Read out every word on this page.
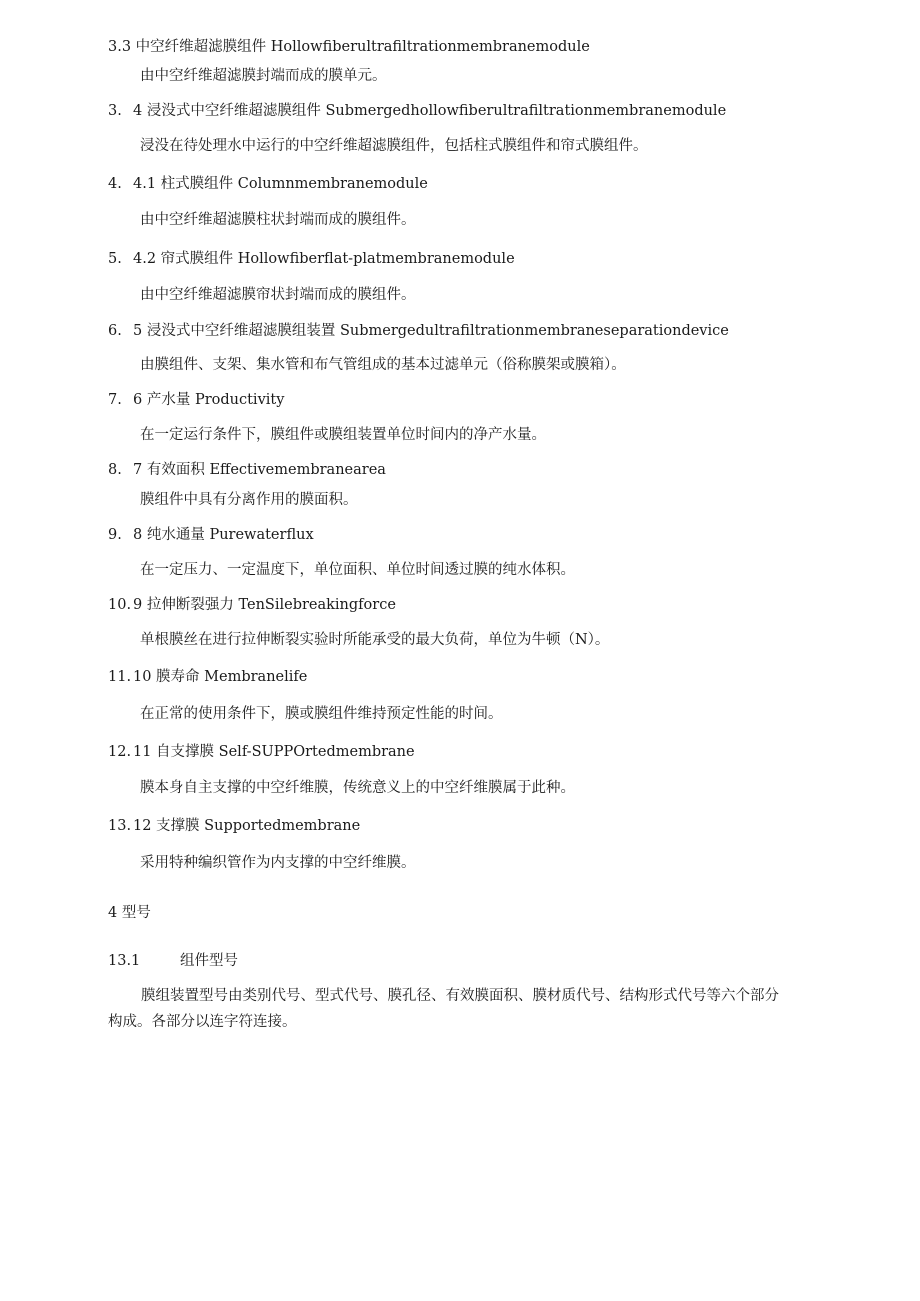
3.3 中空纤维超滤膜组件 Hollowfiberultrafiltrationmembranemodule
由中空纤维超滤膜封端而成的膜单元。
3. 4 浸没式中空纤维超滤膜组件 Submergedhollowfiberultrafiltrationmembranemodule
浸没在待处理水中运行的中空纤维超滤膜组件，包括柱式膜组件和帘式膜组件。
4. 4.1 柱式膜组件 Columnmembranemodule
由中空纤维超滤膜柱状封端而成的膜组件。
5. 4.2 帘式膜组件 Hollowfiberflat-platmembranemodule
由中空纤维超滤膜帘状封端而成的膜组件。
6. 5 浸没式中空纤维超滤膜组装置 Submergedultrafiltrationmembraneseparationdevice
由膜组件、支架、集水管和布气管组成的基本过滤单元（俗称膜架或膜箱）。
7. 6 产水量 Productivity
在一定运行条件下，膜组件或膜组装置单位时间内的净产水量。
8. 7 有效面积 Effectivemembranearea
膜组件中具有分离作用的膜面积。
9. 8 纯水通量 Purewaterflux
在一定压力、一定温度下，单位面积、单位时间透过膜的纯水体积。
10. 9 拉伸断裂强力 TenSilebreakingforce
单根膜丝在进行拉伸断裂实验时所能承受的最大负荷，单位为牛顿（N）。
11. 10 膜寿命 Membranelife
在正常的使用条件下，膜或膜组件维持预定性能的时间。
12. 11 自支撑膜 Self-SUPPOrtedmembrane
膜本身自主支撑的中空纤维膜，传统意义上的中空纤维膜属于此种。
13. 12 支撑膜 Supportedmembrane
采用特种编织管作为内支撑的中空纤维膜。
4 型号
13.1	组件型号
膜组装置型号由类别代号、型式代号、膜孔径、有效膜面积、膜材质代号、结构形式代号等六个部分
构成。各部分以连字符连接。
